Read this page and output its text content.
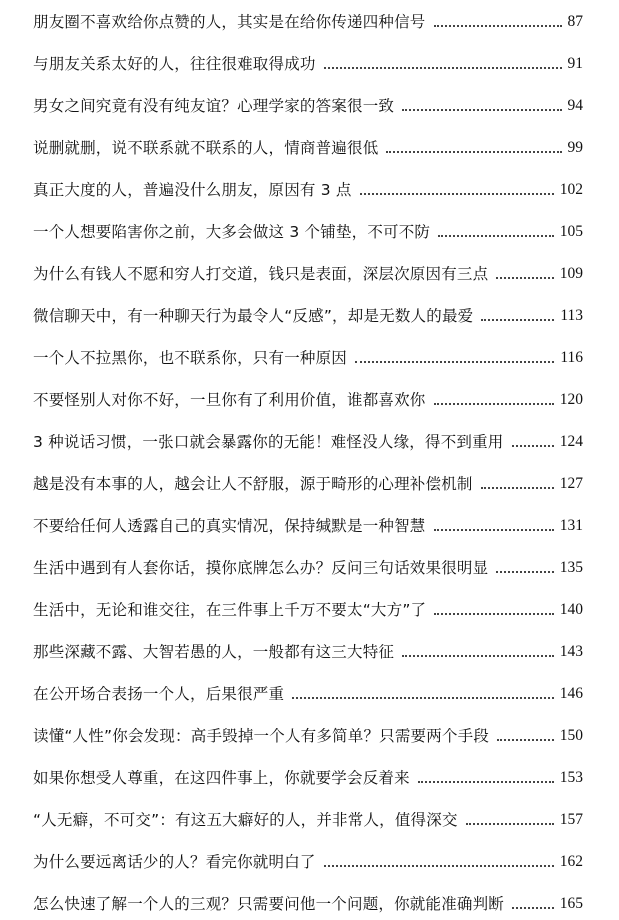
朋友圈不喜欢给你点赞的人，其实是在给你传递四种信号	87
与朋友关系太好的人，往往很难取得成功	91
男女之间究竟有没有纯友谊？心理学家的答案很一致	94
说删就删，说不联系就不联系的人，情商普遍很低	99
真正大度的人，普遍没什么朋友，原因有 3 点	102
一个人想要陷害你之前，大多会做这 3 个铺垫，不可不防	105
为什么有钱人不愿和穷人打交道，钱只是表面，深层次原因有三点	109
微信聊天中，有一种聊天行为最令人“反感”，却是无数人的最爱	113
一个人不拉黑你，也不联系你，只有一种原因	116
不要怪别人对你不好，一旦你有了利用价值，谁都喜欢你	120
3 种说话习惯，一张口就会暴露你的无能！难怪没人缘，得不到重用	124
越是没有本事的人，越会让人不舒服，源于畸形的心理补偿机制	127
不要给任何人透露自己的真实情况，保持缄默是一种智慧	131
生活中遇到有人套你话，摸你底牌怎么办？反问三句话效果很明显	135
生活中，无论和谁交往，在三件事上千万不要太“大方”了	140
那些深藏不露、大智若愚的人，一般都有这三大特征	143
在公开场合表扬一个人，后果很严重	146
读懂“人性”你会发现：高手毁掉一个人有多简单？只需要两个手段	150
如果你想受人尊重，在这四件事上，你就要学会反着来	153
“人无癖，不可交”：有这五大癖好的人，并非常人，值得深交	157
为什么要远离话少的人？看完你就明白了	162
怎么快速了解一个人的三观？只需要问他一个问题，你就能准确判断	165
